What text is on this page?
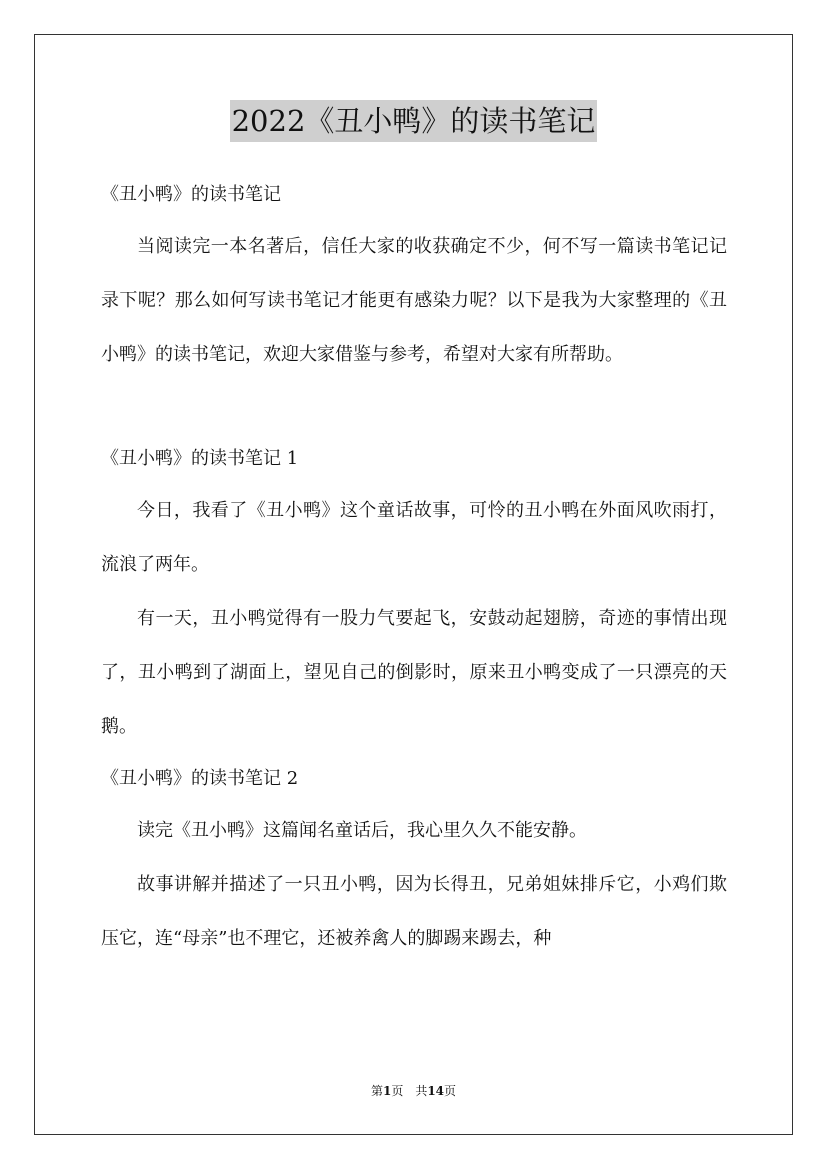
2022《丑小鸭》的读书笔记
《丑小鸭》的读书笔记
当阅读完一本名著后，信任大家的收获确定不少，何不写一篇读书笔记记录下呢？那么如何写读书笔记才能更有感染力呢？以下是我为大家整理的《丑小鸭》的读书笔记，欢迎大家借鉴与参考，希望对大家有所帮助。
《丑小鸭》的读书笔记 1
今日，我看了《丑小鸭》这个童话故事，可怜的丑小鸭在外面风吹雨打，流浪了两年。
有一天，丑小鸭觉得有一股力气要起飞，安鼓动起翅膀，奇迹的事情出现了，丑小鸭到了湖面上，望见自己的倒影时，原来丑小鸭变成了一只漂亮的天鹅。
《丑小鸭》的读书笔记 2
读完《丑小鸭》这篇闻名童话后，我心里久久不能安静。
故事讲解并描述了一只丑小鸭，因为长得丑，兄弟姐妹排斥它，小鸡们欺压它，连“母亲”也不理它，还被养禽人的脚踢来踢去，种
第1页　共14页
